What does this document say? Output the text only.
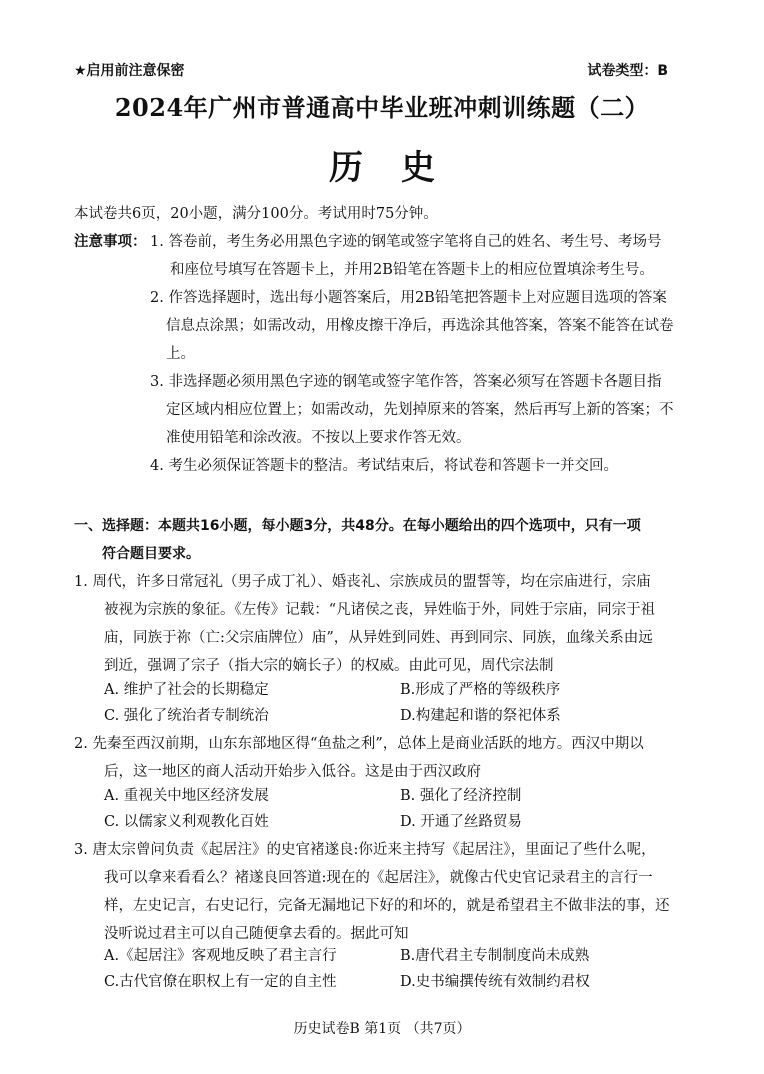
★启用前注意保密	试卷类型：B
2024年广州市普通高中毕业班冲刺训练题（二）
历史
本试卷共6页，20小题，满分100分。考试用时75分钟。
注意事项： 1. 答卷前，考生务必用黑色字迹的钢笔或签字笔将自己的姓名、考生号、考场号
和座位号填写在答题卡上，并用2B铅笔在答题卡上的相应位置填涂考生号。
2. 作答选择题时，选出每小题答案后，用2B铅笔把答题卡上对应题目选项的答案
信息点涂黑；如需改动，用橡皮擦干净后，再选涂其他答案，答案不能答在试卷
上。
3. 非选择题必须用黑色字迹的钢笔或签字笔作答，答案必须写在答题卡各题目指
定区域内相应位置上；如需改动，先划掉原来的答案，然后再写上新的答案；不
准使用铅笔和涂改液。不按以上要求作答无效。
4. 考生必须保证答题卡的整洁。考试结束后，将试卷和答题卡一并交回。
一、选择题：本题共16小题，每小题3分，共48分。在每小题给出的四个选项中，只有一项
符合题目要求。
1. 周代，许多日常冠礼（男子成丁礼）、婚丧礼、宗族成员的盟誓等，均在宗庙进行，宗庙
被视为宗族的象征。《左传》记载：“凡诸侯之丧，异姓临于外，同姓于宗庙，同宗于祖
庙，同族于祢（亡:父宗庙牌位）庙”，从异姓到同姓、再到同宗、同族，血缘关系由远
到近，强调了宗子（指大宗的嫡长子）的权威。由此可见，周代宗法制
A. 维护了社会的长期稳定	B.形成了严格的等级秩序
C. 强化了统治者专制统治	D.构建起和谐的祭祀体系
2. 先秦至西汉前期，山东东部地区得“鱼盐之利”，总体上是商业活跃的地方。西汉中期以
后，这一地区的商人活动开始步入低谷。这是由于西汉政府
A. 重视关中地区经济发展	B. 强化了经济控制
C. 以儒家义利观教化百姓	D. 开通了丝路贸易
3. 唐太宗曾问负责《起居注》的史官褚遂良:你近来主持写《起居注》，里面记了些什么呢，
我可以拿来看看么？褚遂良回答道:现在的《起居注》，就像古代史官记录君主的言行一
样，左史记言，右史记行，完备无漏地记下好的和坏的，就是希望君主不做非法的事，还
没听说过君主可以自己随便拿去看的。据此可知
A.《起居注》客观地反映了君主言行	B.唐代君主专制制度尚未成熟
C.古代官僚在职权上有一定的自主性	D.史书编撰传统有效制约君权
历史试卷B 第1页 （共7页）
